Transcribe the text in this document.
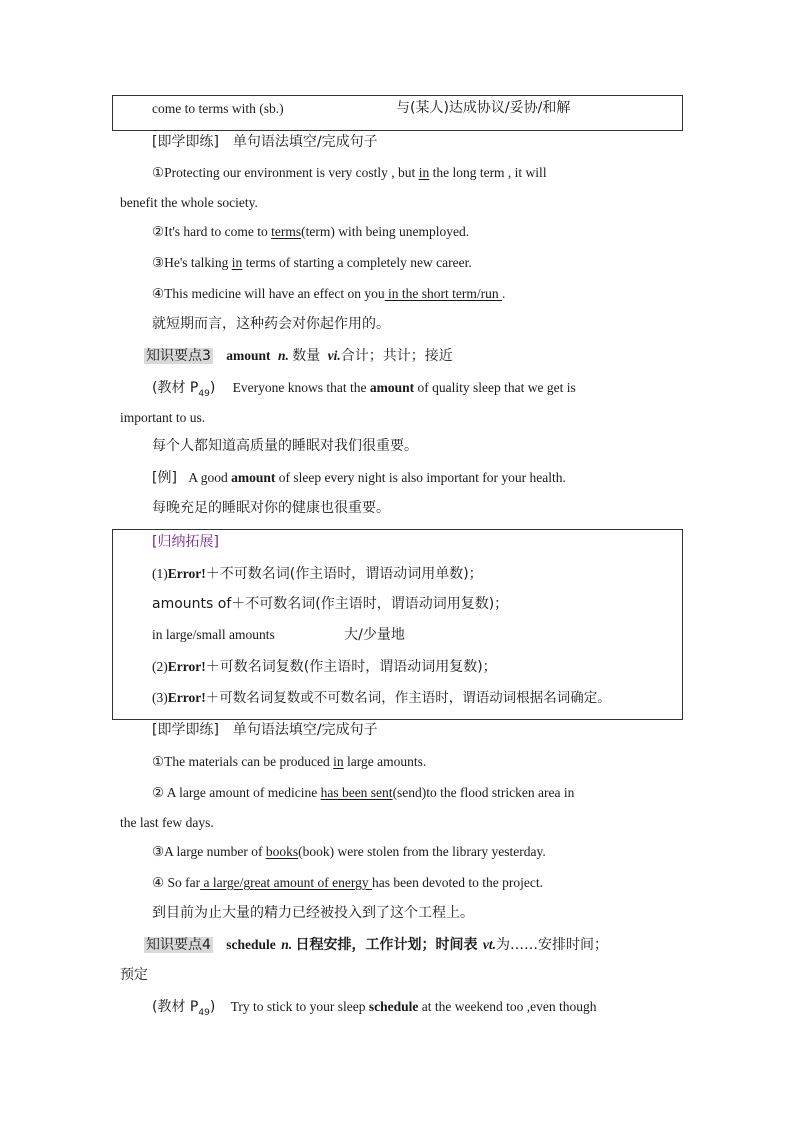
come to terms with (sb.)	与(某人)达成协议/妥协/和解
[即学即练]　单句语法填空/完成句子
①Protecting our environment is very costly , but in the long term , it will
benefit the whole society.
②It's hard to come to terms(term) with being unemployed.
③He's talking in terms of starting a completely new career.
④This medicine will have an effect on you in the short term/run .
就短期而言，这种药会对你起作用的。
知识要点3 amount n. 数量 vi.合计；共计；接近
(教材 $P_{49}$) Everyone knows that the amount of quality sleep that we get is
important to us.
每个人都知道高质量的睡眠对我们很重要。
[例] A good amount of sleep every night is also important for your health.
每晚充足的睡眠对你的健康也很重要。
[归纳拓展]
(1)Error!＋不可数名词(作主语时，谓语动词用单数)；
amounts of＋不可数名词(作主语时，谓语动词用复数)；
in large/small amounts	大/少量地
(2)Error!＋可数名词复数(作主语时，谓语动词用复数)；
(3)Error!＋可数名词复数或不可数名词，作主语时，谓语动词根据名词确定。
[即学即练]　单句语法填空/完成句子
①The materials can be produced in large amounts.
② A large amount of medicine has been sent(send)to the flood stricken area in
the last few days.
③A large number of books(book) were stolen from the library yesterday.
④ So far a large/great amount of energy has been devoted to the project.
到目前为止大量的精力已经被投入到了这个工程上。
知识要点4 schedule n. 日程安排，工作计划；时间表 vt.为……安排时间；
预定
(教材 $P_{49}$) Try to stick to your sleep schedule at the weekend too ,even though
